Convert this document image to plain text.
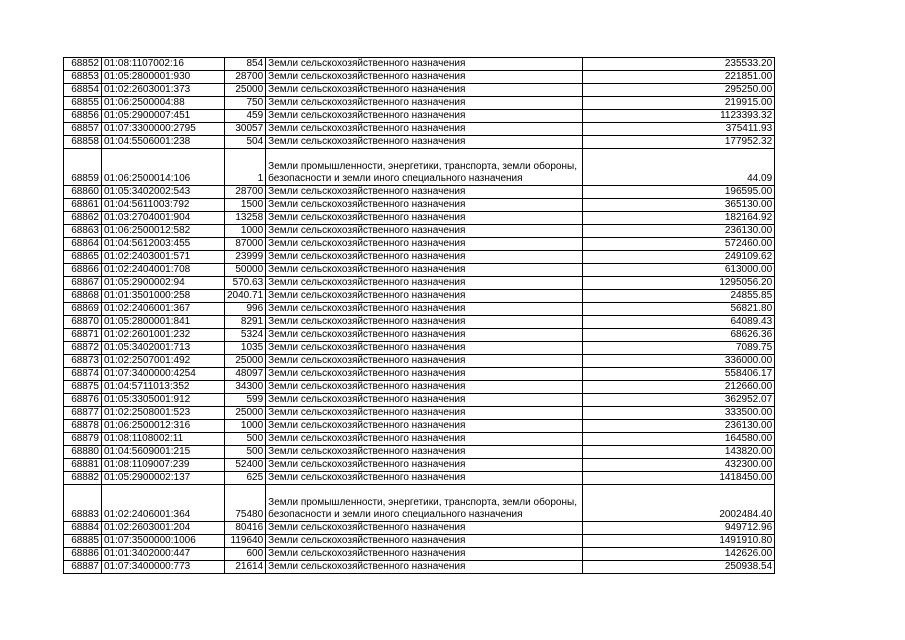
68852	01:08:1107002:16	854	Земли сельскохозяйственного назначения	235533.20
68853	01:05:2800001:930	28700	Земли сельскохозяйственного назначения	221851.00
68854	01:02:2603001:373	25000	Земли сельскохозяйственного назначения	295250.00
68855	01:06:2500004:88	750	Земли сельскохозяйственного назначения	219915.00
68856	01:05:2900007:451	459	Земли сельскохозяйственного назначения	1123393.32
68857	01:07:3300000:2795	30057	Земли сельскохозяйственного назначения	375411.93
68858	01:04:5506001:238	504	Земли сельскохозяйственного назначения	177952.32
68859	01:06:2500014:106	1	Земли промышленности, энергетики, транспорта, земли обороны, безопасности и земли иного специального назначения	44.09
68860	01:05:3402002:543	28700	Земли сельскохозяйственного назначения	196595.00
68861	01:04:5611003:792	1500	Земли сельскохозяйственного назначения	365130.00
68862	01:03:2704001:904	13258	Земли сельскохозяйственного назначения	182164.92
68863	01:06:2500012:582	1000	Земли сельскохозяйственного назначения	236130.00
68864	01:04:5612003:455	87000	Земли сельскохозяйственного назначения	572460.00
68865	01:02:2403001:571	23999	Земли сельскохозяйственного назначения	249109.62
68866	01:02:2404001:708	50000	Земли сельскохозяйственного назначения	613000.00
68867	01:05:2900002:94	570.63	Земли сельскохозяйственного назначения	1295056.20
68868	01:01:3501000:258	2040.71	Земли сельскохозяйственного назначения	24855.85
68869	01:02:2406001:367	996	Земли сельскохозяйственного назначения	56821.80
68870	01:05:2800001:841	8291	Земли сельскохозяйственного назначения	64089.43
68871	01:02:2601001:232	5324	Земли сельскохозяйственного назначения	68626.36
68872	01:05:3402001:713	1035	Земли сельскохозяйственного назначения	7089.75
68873	01:02:2507001:492	25000	Земли сельскохозяйственного назначения	336000.00
68874	01:07:3400000:4254	48097	Земли сельскохозяйственного назначения	558406.17
68875	01:04:5711013:352	34300	Земли сельскохозяйственного назначения	212660.00
68876	01:05:3305001:912	599	Земли сельскохозяйственного назначения	362952.07
68877	01:02:2508001:523	25000	Земли сельскохозяйственного назначения	333500.00
68878	01:06:2500012:316	1000	Земли сельскохозяйственного назначения	236130.00
68879	01:08:1108002:11	500	Земли сельскохозяйственного назначения	164580.00
68880	01:04:5609001:215	500	Земли сельскохозяйственного назначения	143820.00
68881	01:08:1109007:239	52400	Земли сельскохозяйственного назначения	432300.00
68882	01:05:2900002:137	625	Земли сельскохозяйственного назначения	1418450.00
68883	01:02:2406001:364	75480	Земли промышленности, энергетики, транспорта, земли обороны, безопасности и земли иного специального назначения	2002484.40
68884	01:02:2603001:204	80416	Земли сельскохозяйственного назначения	949712.96
68885	01:07:3500000:1006	119640	Земли сельскохозяйственного назначения	1491910.80
68886	01:01:3402000:447	600	Земли сельскохозяйственного назначения	142626.00
68887	01:07:3400000:773	21614	Земли сельскохозяйственного назначения	250938.54
